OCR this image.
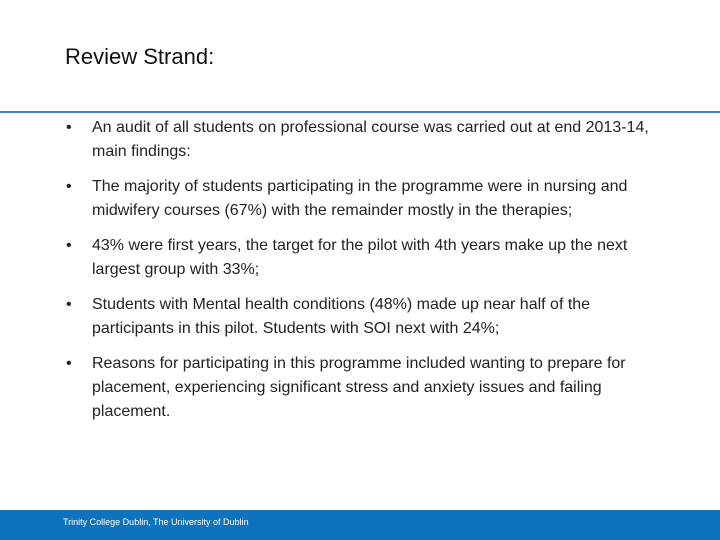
Review Strand:
• An audit of all students on professional course was carried out at end 2013-14, main findings:
• The majority of students participating in the programme were in nursing and midwifery courses (67%) with the remainder mostly in the therapies;
• 43% were first years, the target for the pilot with 4th years make up the next largest group with 33%;
• Students with Mental health conditions (48%) made up near half of the participants in this pilot. Students with SOI next with 24%;
• Reasons for participating in this programme included wanting to prepare for placement, experiencing significant stress and anxiety issues and failing placement.
Trinity College Dublin, The University of Dublin
